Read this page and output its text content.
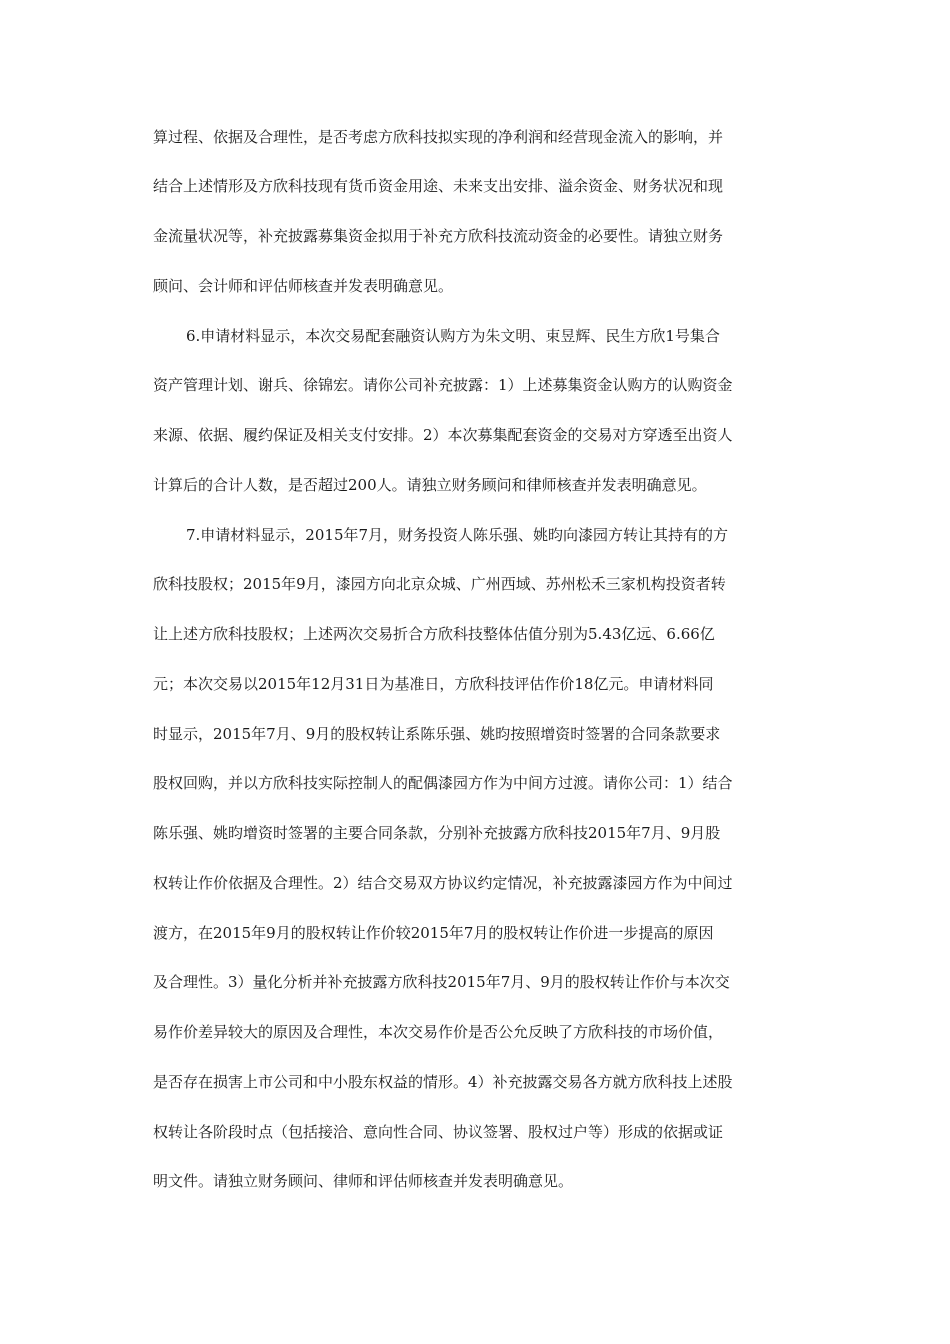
算过程、依据及合理性，是否考虑方欣科技拟实现的净利润和经营现金流入的影响，并
结合上述情形及方欣科技现有货币资金用途、未来支出安排、溢余资金、财务状况和现
金流量状况等，补充披露募集资金拟用于补充方欣科技流动资金的必要性。请独立财务
顾问、会计师和评估师核查并发表明确意见。
6.申请材料显示，本次交易配套融资认购方为朱文明、束昱辉、民生方欣1号集合
资产管理计划、谢兵、徐锦宏。请你公司补充披露：1）上述募集资金认购方的认购资金
来源、依据、履约保证及相关支付安排。2）本次募集配套资金的交易对方穿透至出资人
计算后的合计人数，是否超过200人。请独立财务顾问和律师核查并发表明确意见。
7.申请材料显示，2015年7月，财务投资人陈乐强、姚昀向漆园方转让其持有的方
欣科技股权；2015年9月，漆园方向北京众城、广州西域、苏州松禾三家机构投资者转
让上述方欣科技股权；上述两次交易折合方欣科技整体估值分别为5.43亿远、6.66亿
元；本次交易以2015年12月31日为基准日，方欣科技评估作价18亿元。申请材料同
时显示，2015年7月、9月的股权转让系陈乐强、姚昀按照增资时签署的合同条款要求
股权回购，并以方欣科技实际控制人的配偶漆园方作为中间方过渡。请你公司：1）结合
陈乐强、姚昀增资时签署的主要合同条款，分别补充披露方欣科技2015年7月、9月股
权转让作价依据及合理性。2）结合交易双方协议约定情况，补充披露漆园方作为中间过
渡方，在2015年9月的股权转让作价较2015年7月的股权转让作价进一步提高的原因
及合理性。3）量化分析并补充披露方欣科技2015年7月、9月的股权转让作价与本次交
易作价差异较大的原因及合理性，本次交易作价是否公允反映了方欣科技的市场价值，
是否存在损害上市公司和中小股东权益的情形。4）补充披露交易各方就方欣科技上述股
权转让各阶段时点（包括接洽、意向性合同、协议签署、股权过户等）形成的依据或证
明文件。请独立财务顾问、律师和评估师核查并发表明确意见。
